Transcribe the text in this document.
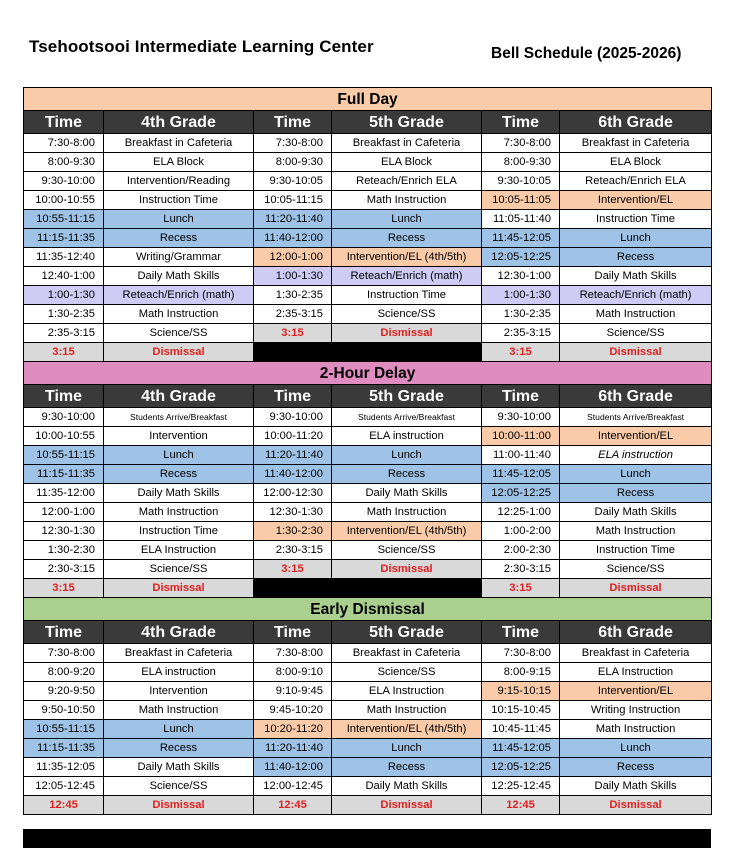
Tsehootsooi Intermediate Learning Center	Bell Schedule (2025-2026)
Full Day					
Time	4th Grade	Time	5th Grade	Time	6th Grade
7:30-8:00	Breakfast in Cafeteria	7:30-8:00	Breakfast in Cafeteria	7:30-8:00	Breakfast in Cafeteria
8:00-9:30	ELA Block	8:00-9:30	ELA Block	8:00-9:30	ELA Block
9:30-10:00	Intervention/Reading	9:30-10:05	Reteach/Enrich ELA	9:30-10:05	Reteach/Enrich ELA
10:00-10:55	Instruction Time	10:05-11:15	Math Instruction	10:05-11:05	Intervention/EL
10:55-11:15	Lunch	11:20-11:40	Lunch	11:05-11:40	Instruction Time
11:15-11:35	Recess	11:40-12:00	Recess	11:45-12:05	Lunch
11:35-12:40	Writing/Grammar	12:00-1:00	Intervention/EL (4th/5th)	12:05-12:25	Recess
12:40-1:00	Daily Math Skills	1:00-1:30	Reteach/Enrich (math)	12:30-1:00	Daily Math Skills
1:00-1:30	Reteach/Enrich (math)	1:30-2:35	Instruction Time	1:00-1:30	Reteach/Enrich (math)
1:30-2:35	Math Instruction	2:35-3:15	Science/SS	1:30-2:35	Math Instruction
2:35-3:15	Science/SS	3:15	Dismissal	2:35-3:15	Science/SS
3:15	Dismissal			3:15	Dismissal
2-Hour Delay					
Time	4th Grade	Time	5th Grade	Time	6th Grade
9:30-10:00	Students Arrive/Breakfast	9:30-10:00	Students Arrive/Breakfast	9:30-10:00	Students Arrive/Breakfast
10:00-10:55	Intervention	10:00-11:20	ELA instruction	10:00-11:00	Intervention/EL
10:55-11:15	Lunch	11:20-11:40	Lunch	11:00-11:40	ELA instruction
11:15-11:35	Recess	11:40-12:00	Recess	11:45-12:05	Lunch
11:35-12:00	Daily Math Skills	12:00-12:30	Daily Math Skills	12:05-12:25	Recess
12:00-1:00	Math Instruction	12:30-1:30	Math Instruction	12:25-1:00	Daily Math Skills
12:30-1:30	Instruction Time	1:30-2:30	Intervention/EL (4th/5th)	1:00-2:00	Math Instruction
1:30-2:30	ELA Instruction	2:30-3:15	Science/SS	2:00-2:30	Instruction Time
2:30-3:15	Science/SS	3:15	Dismissal	2:30-3:15	Science/SS
3:15	Dismissal			3:15	Dismissal
Early Dismissal					
Time	4th Grade	Time	5th Grade	Time	6th Grade
7:30-8:00	Breakfast in Cafeteria	7:30-8:00	Breakfast in Cafeteria	7:30-8:00	Breakfast in Cafeteria
8:00-9:20	ELA instruction	8:00-9:10	Science/SS	8:00-9:15	ELA Instruction
9:20-9:50	Intervention	9:10-9:45	ELA Instruction	9:15-10:15	Intervention/EL
9:50-10:50	Math Instruction	9:45-10:20	Math Instruction	10:15-10:45	Writing Instruction
10:55-11:15	Lunch	10:20-11:20	Intervention/EL (4th/5th)	10:45-11:45	Math Instruction
11:15-11:35	Recess	11:20-11:40	Lunch	11:45-12:05	Lunch
11:35-12:05	Daily Math Skills	11:40-12:00	Recess	12:05-12:25	Recess
12:05-12:45	Science/SS	12:00-12:45	Daily Math Skills	12:25-12:45	Daily Math Skills
12:45	Dismissal	12:45	Dismissal	12:45	Dismissal
